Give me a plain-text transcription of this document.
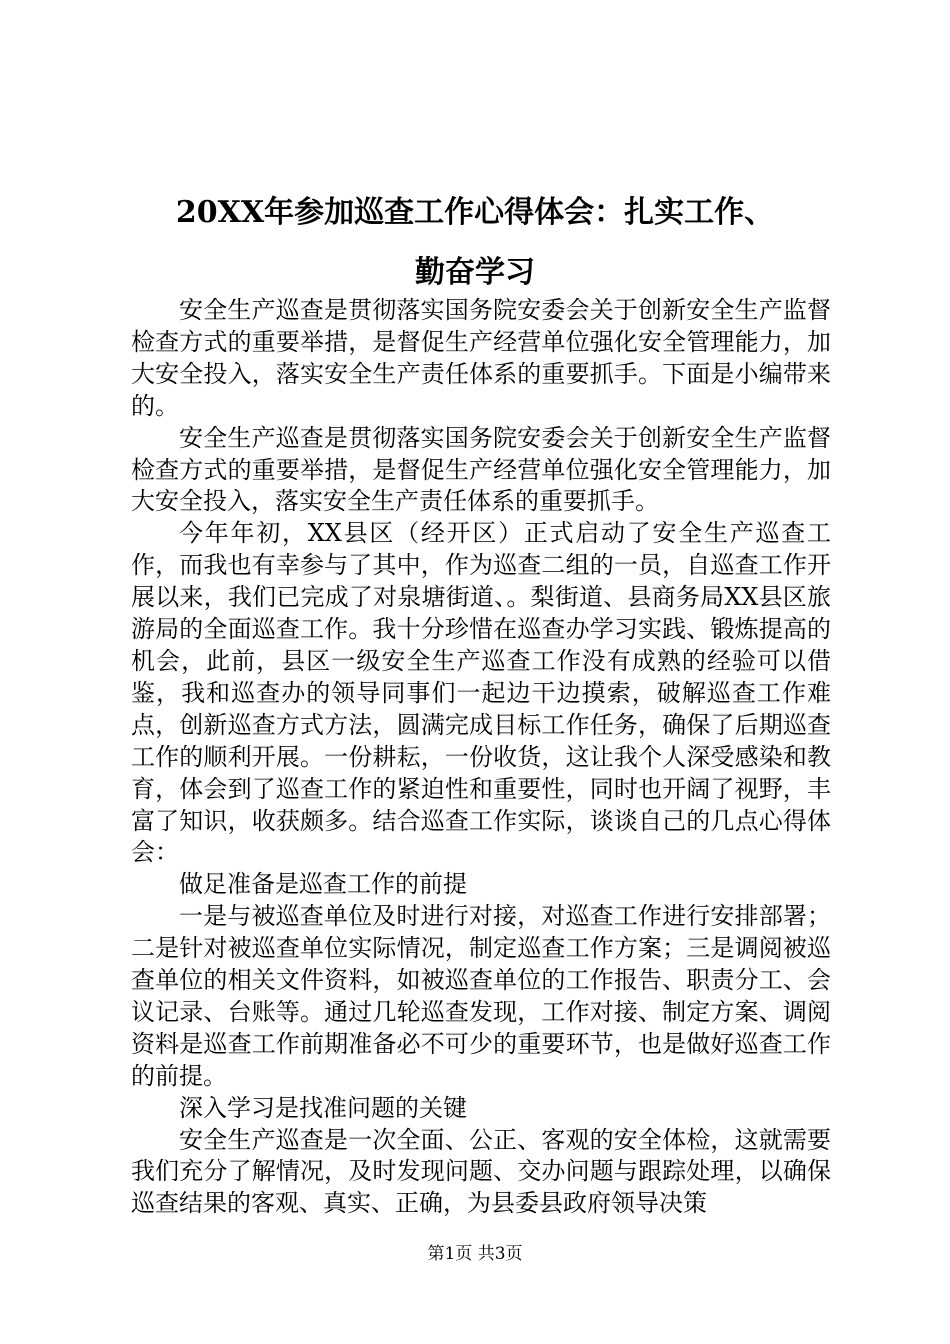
20XX年参加巡查工作心得体会：扎实工作、
勤奋学习

安全生产巡查是贯彻落实国务院安委会关于创新安全生产监督检查方式的重要举措，是督促生产经营单位强化安全管理能力，加大安全投入，落实安全生产责任体系的重要抓手。下面是小编带来的。

安全生产巡查是贯彻落实国务院安委会关于创新安全生产监督检查方式的重要举措，是督促生产经营单位强化安全管理能力，加大安全投入，落实安全生产责任体系的重要抓手。

今年年初，XX县区（经开区）正式启动了安全生产巡查工作，而我也有幸参与了其中，作为巡查二组的一员，自巡查工作开展以来，我们已完成了对泉塘街道、。梨街道、县商务局XX县区旅游局的全面巡查工作。我十分珍惜在巡查办学习实践、锻炼提高的机会，此前，县区一级安全生产巡查工作没有成熟的经验可以借鉴，我和巡查办的领导同事们一起边干边摸索，破解巡查工作难点，创新巡查方式方法，圆满完成目标工作任务，确保了后期巡查工作的顺利开展。一份耕耘，一份收货，这让我个人深受感染和教育，体会到了巡查工作的紧迫性和重要性，同时也开阔了视野，丰富了知识，收获颇多。结合巡查工作实际，谈谈自己的几点心得体会：

做足准备是巡查工作的前提

一是与被巡查单位及时进行对接，对巡查工作进行安排部署；二是针对被巡查单位实际情况，制定巡查工作方案；三是调阅被巡查单位的相关文件资料，如被巡查单位的工作报告、职责分工、会议记录、台账等。通过几轮巡查发现，工作对接、制定方案、调阅资料是巡查工作前期准备必不可少的重要环节，也是做好巡查工作的前提。

深入学习是找准问题的关键

安全生产巡查是一次全面、公正、客观的安全体检，这就需要我们充分了解情况，及时发现问题、交办问题与跟踪处理，以确保巡查结果的客观、真实、正确，为县委县政府领导决策

第1页 共3页
